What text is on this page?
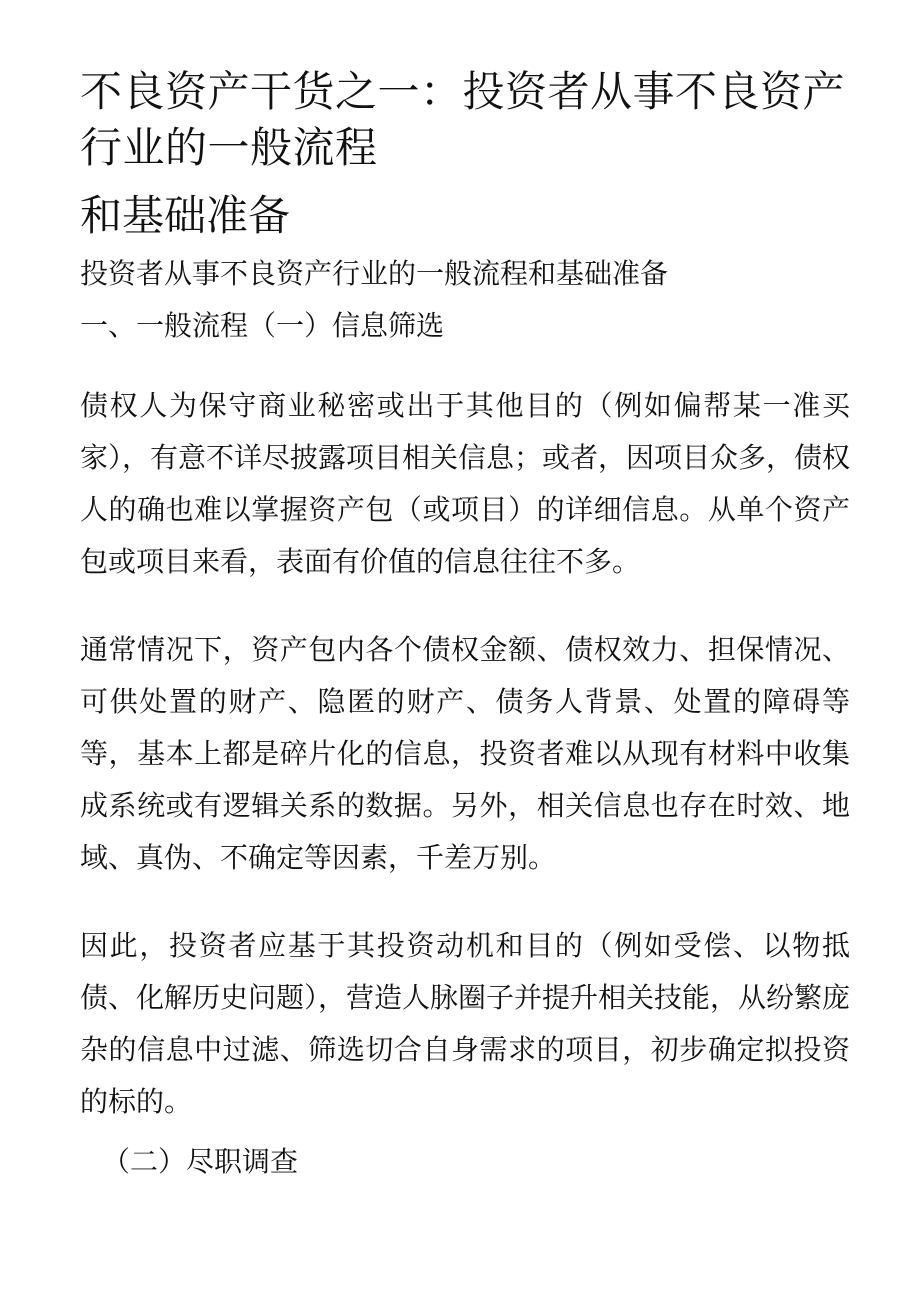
不良资产干货之一：投资者从事不良资产行业的一般流程
和基础准备

投资者从事不良资产行业的一般流程和基础准备

一、一般流程（一）信息筛选

债权人为保守商业秘密或出于其他目的（例如偏帮某一准买家），有意不详尽披露项目相关信息；或者，因项目众多，债权人的确也难以掌握资产包（或项目）的详细信息。从单个资产包或项目来看，表面有价值的信息往往不多。

通常情况下，资产包内各个债权金额、债权效力、担保情况、可供处置的财产、隐匿的财产、债务人背景、处置的障碍等等，基本上都是碎片化的信息，投资者难以从现有材料中收集成系统或有逻辑关系的数据。另外，相关信息也存在时效、地域、真伪、不确定等因素，千差万别。

因此，投资者应基于其投资动机和目的（例如受偿、以物抵债、化解历史问题），营造人脉圈子并提升相关技能，从纷繁庞杂的信息中过滤、筛选切合自身需求的项目，初步确定拟投资的标的。

（二）尽职调查
